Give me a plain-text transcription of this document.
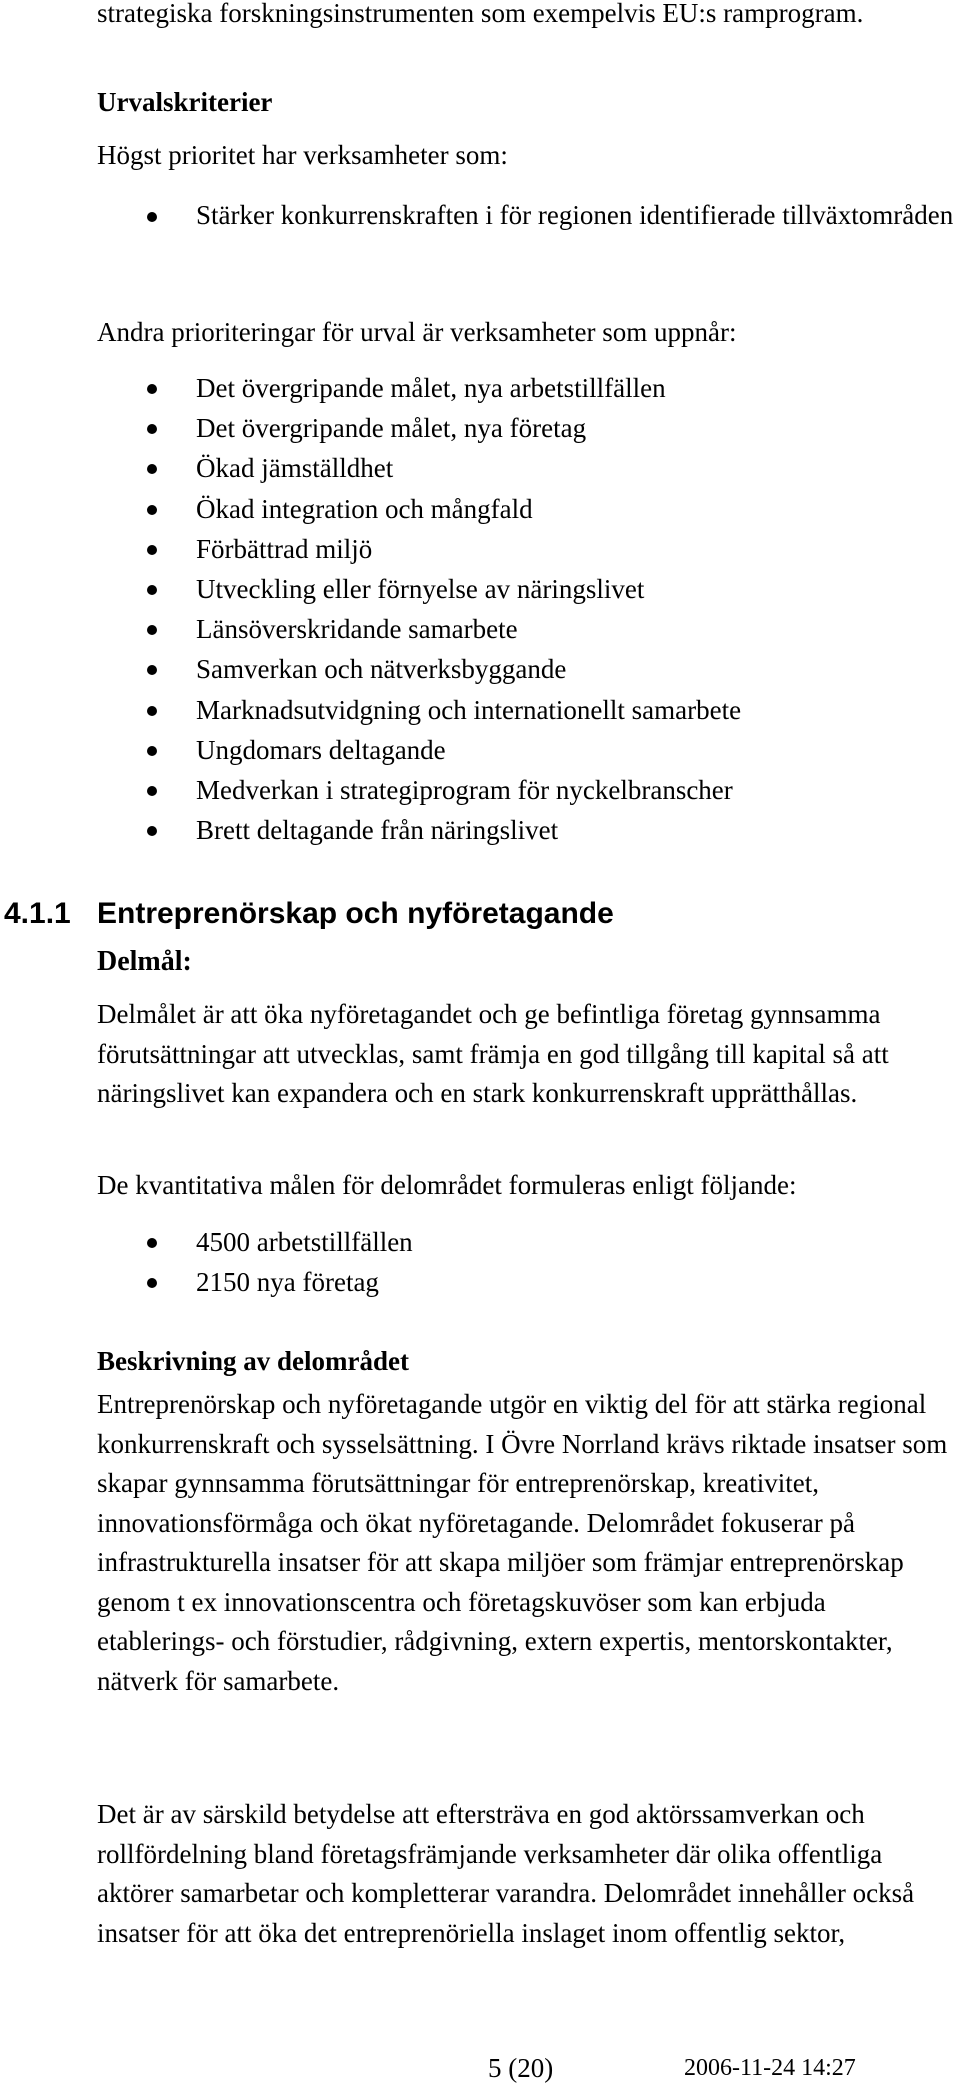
strategiska forskningsinstrumenten som exempelvis EU:s ramprogram.

Urvalskriterier
Högst prioritet har verksamheter som:
Stärker konkurrenskraften i för regionen identifierade tillväxtområden
Andra prioriteringar för urval är verksamheter som uppnår:
Det övergripande målet, nya arbetstillfällen
Det övergripande målet, nya företag
Ökad jämställdhet
Ökad integration och mångfald
Förbättrad miljö
Utveckling eller förnyelse av näringslivet
Länsöverskridande samarbete
Samverkan och nätverksbyggande
Marknadsutvidgning och internationellt samarbete
Ungdomars deltagande
Medverkan i strategiprogram för nyckelbranscher
Brett deltagande från näringslivet
4.1.1 Entreprenörskap och nyföretagande
Delmål:

Delmålet är att öka nyföretagandet och ge befintliga företag gynnsamma förutsättningar att utvecklas, samt främja en god tillgång till kapital så att näringslivet kan expandera och en stark konkurrenskraft upprätthållas.

De kvantitativa målen för delområdet formuleras enligt följande:
4500 arbetstillfällen
2150 nya företag
Beskrivning av delområdet

Entreprenörskap och nyföretagande utgör en viktig del för att stärka regional konkurrenskraft och sysselsättning. I Övre Norrland krävs riktade insatser som skapar gynnsamma förutsättningar för entreprenörskap, kreativitet, innovationsförmåga och ökat nyföretagande. Delområdet fokuserar på infrastrukturella insatser för att skapa miljöer som främjar entreprenörskap genom t ex innovationscentra och företagskuvöser som kan erbjuda etablerings- och förstudier, rådgivning, extern expertis, mentorskontakter, nätverk för samarbete.

Det är av särskild betydelse att eftersträva en god aktörssamverkan och rollfördelning bland företagsfrämjande verksamheter där olika offentliga aktörer samarbetar och kompletterar varandra. Delområdet innehåller också insatser för att öka det entreprenöriella inslaget inom offentlig sektor,

5 (20)	2006-11-24 14:27
